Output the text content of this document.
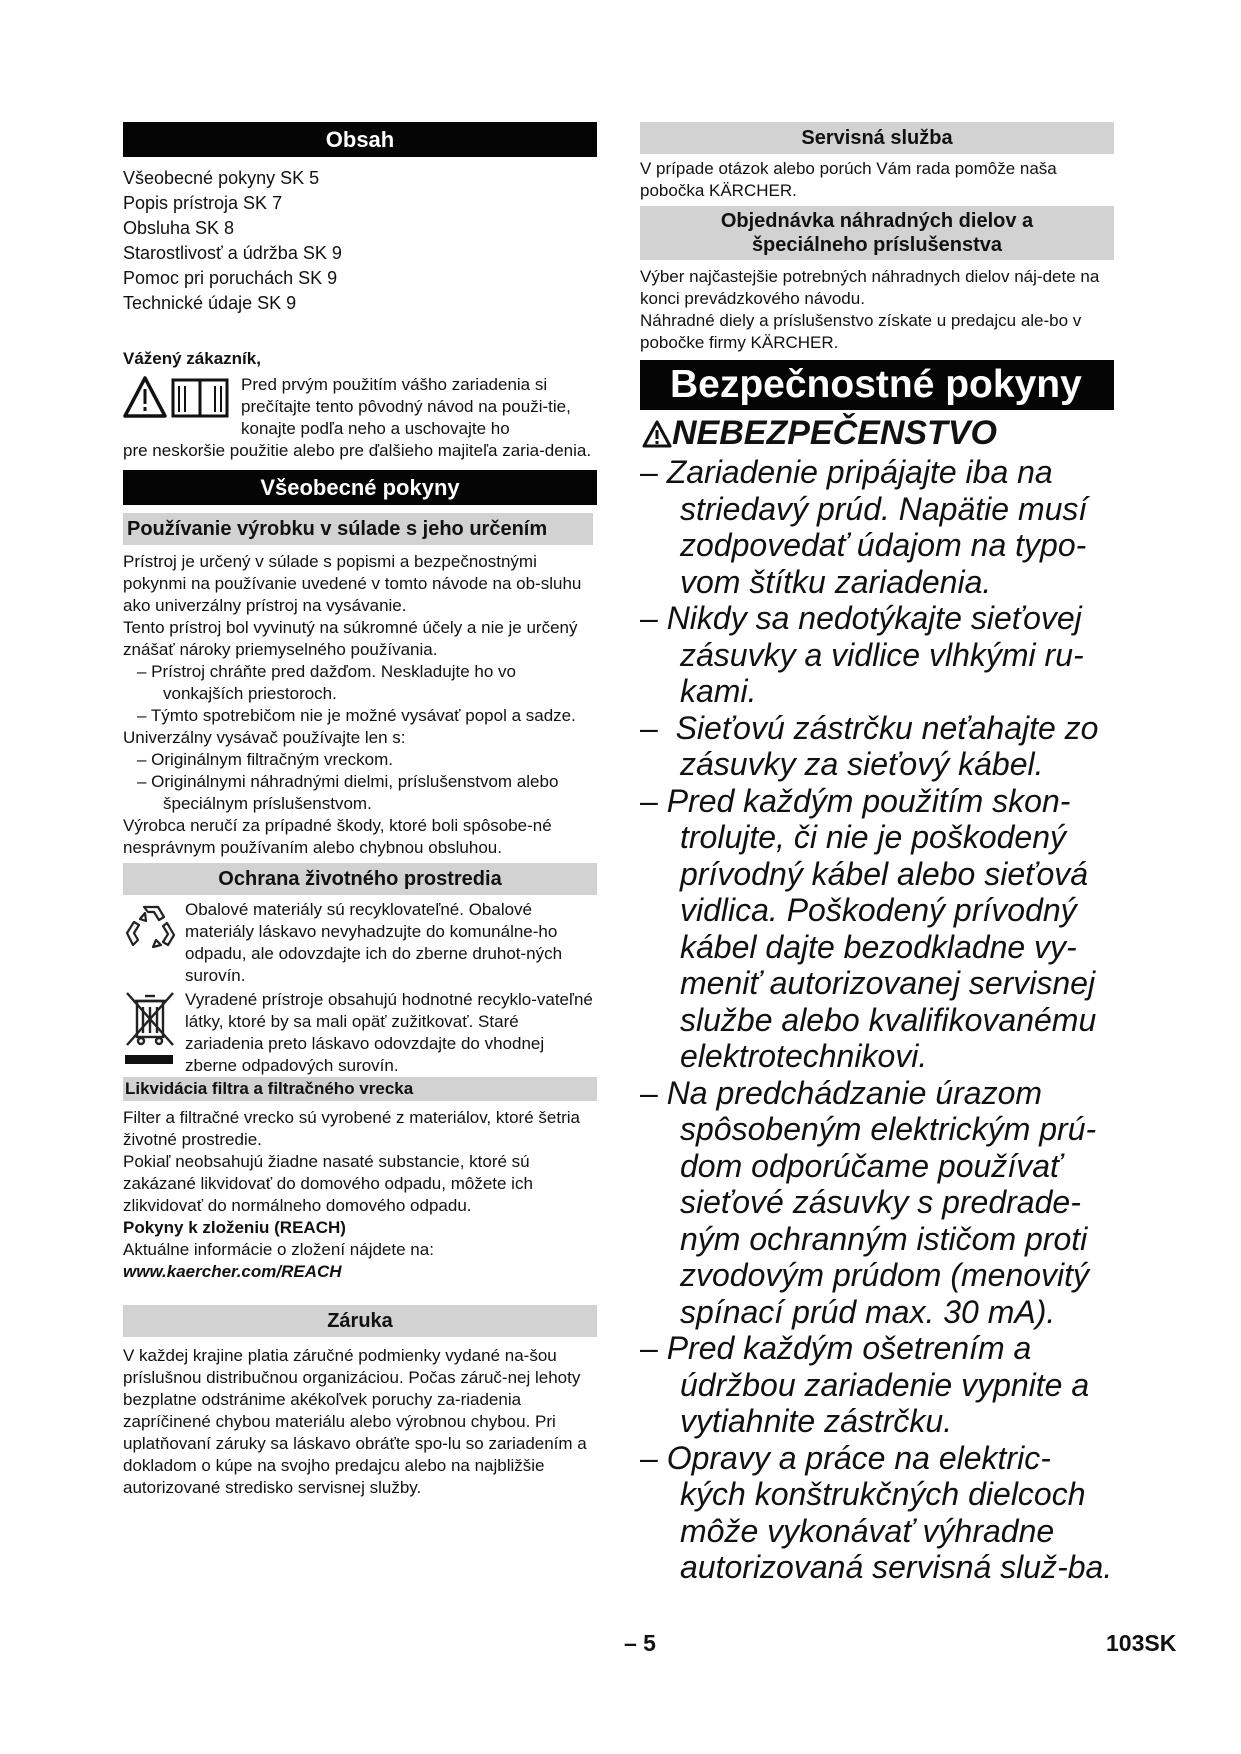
Obsah

Všeobecné pokyny SK 5

Popis prístroja SK 7

Obsluha SK 8

Starostlivosť a údržba SK 9

Pomoc pri poruchách SK 9

Technické údaje SK 9

Vážený zákazník,

Pred prvým použitím vášho zariadenia si prečítajte tento pôvodný návod na použi-tie, konajte podľa neho a uschovajte ho

pre neskoršie použitie alebo pre ďalšieho majiteľa zaria-denia.

Všeobecné pokyny
Používanie výrobku v súlade s jeho určením

Prístroj je určený v súlade s popismi a bezpečnostnými pokynmi na používanie uvedené v tomto návode na ob-sluhu ako univerzálny prístroj na vysávanie.

Tento prístroj bol vyvinutý na súkromné účely a nie je určený znášať nároky priemyselného používania.

– Prístroj chráňte pred dažďom. Neskladujte ho vo vonkajších priestoroch.

– Týmto spotrebičom nie je možné vysávať popol a sadze.

Univerzálny vysávač používajte len s:

– Originálnym filtračným vreckom.

– Originálnymi náhradnými dielmi, príslušenstvom alebo špeciálnym príslušenstvom.

Výrobca neručí za prípadné škody, ktoré boli spôsobe-né nesprávnym používaním alebo chybnou obsluhou.

Ochrana životného prostredia

Obalové materiály sú recyklovateľné. Obalové materiály láskavo nevyhadzujte do komunálne-ho odpadu, ale odovzdajte ich do zberne druhot-ných surovín.

Vyradené prístroje obsahujú hodnotné recyklo-vateľné látky, ktoré by sa mali opäť zužitkovať. Staré zariadenia preto láskavo odovzdajte do vhodnej zberne odpadových surovín.

Likvidácia filtra a filtračného vrecka

Filter a filtračné vrecko sú vyrobené z materiálov, ktoré šetria životné prostredie.

Pokiaľ neobsahujú žiadne nasaté substancie, ktoré sú zakázané likvidovať do domového odpadu, môžete ich zlikvidovať do normálneho domového odpadu.

Pokyny k zloženiu (REACH)

Aktuálne informácie o zložení nájdete na:

www.kaercher.com/REACH

Záruka

V každej krajine platia záručné podmienky vydané na-šou príslušnou distribučnou organizáciou. Počas záruč-nej lehoty bezplatne odstránime akékoľvek poruchy za-riadenia zapríčinené chybou materiálu alebo výrobnou chybou. Pri uplatňovaní záruky sa láskavo obráťte spo-lu so zariadením a dokladom o kúpe na svojho predajcu alebo na najbližšie autorizované stredisko servisnej služby.

Servisná služba

V prípade otázok alebo porúch Vám rada pomôže naša pobočka KÄRCHER.

Objednávka náhradných dielov a
špeciálneho príslušenstva

Výber najčastejšie potrebných náhradnych dielov náj-dete na konci prevádzkového návodu.

Náhradné diely a príslušenstvo získate u predajcu ale-bo v pobočke firmy KÄRCHER.

Bezpečnostné pokyny
NEBEZPEČENSTVO

– Zariadenie pripájajte iba na striedavý prúd. Napätie musí zodpovedať údajom na typo-vom štítku zariadenia.

– Nikdy sa nedotýkajte sieťovej zásuvky a vidlice vlhkými ru-kami.

–  Sieťovú zástrčku neťahajte zo zásuvky za sieťový kábel.

– Pred každým použitím skon-trolujte, či nie je poškodený prívodný kábel alebo sieťová vidlica. Poškodený prívodný kábel dajte bezodkladne vy-meniť autorizovanej servisnej službe alebo kvalifikovanému elektrotechnikovi.

– Na predchádzanie úrazom spôsobeným elektrickým prú-dom odporúčame používať sieťové zásuvky s predrade-ným ochranným ističom proti zvodovým prúdom (menovitý spínací prúd max. 30 mA).

– Pred každým ošetrením a údržbou zariadenie vypnite a vytiahnite zástrčku.

– Opravy a práce na elektric-kých konštrukčných dielcoch môže vykonávať výhradne autorizovaná servisná služ-ba.

– 5	103SK
